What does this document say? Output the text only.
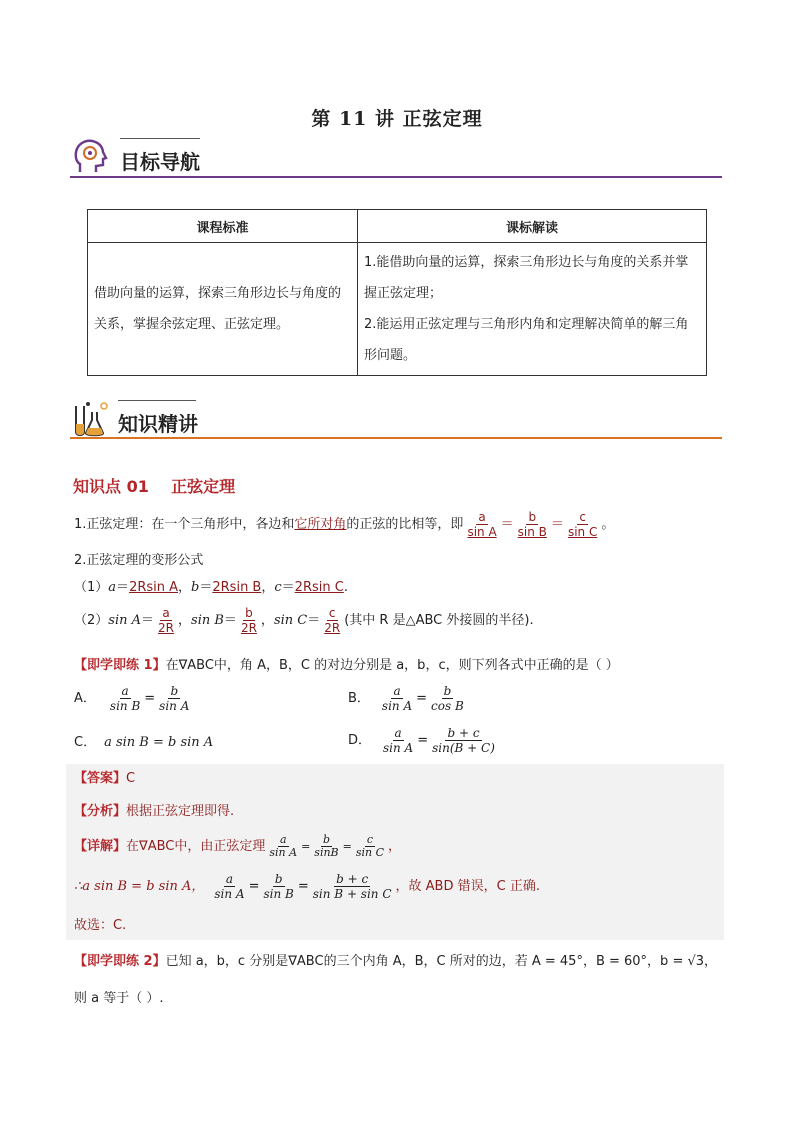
第 11 讲 正弦定理
目标导航
课程标准	课标解读
借助向量的运算，探索三角形边长与角度的关系，掌握余弦定理、正弦定理。	1.能借助向量的运算，探索三角形边长与角度的关系并掌握正弦定理；
2.能运用正弦定理与三角形内角和定理解决简单的解三角形问题。
知识精讲
知识点 01    正弦定理
1.正弦定理：在一个三角形中，各边和 它所对角 的正弦的比相等，即 $\frac{a}{\text{sin A}} = \frac{b}{\text{sin B}} = \frac{c}{\text{sin C}}$ 。
2.正弦定理的变形公式
（1）a＝2Rsin A，b＝2Rsin B，c＝2Rsin C.
（2） $\sin A = \frac{a}{2R}$ ， $\sin B = \frac{b}{2R}$ ， $\sin C = \frac{c}{2R}$ (其中 R 是△ABC 外接圆的半径).
【即学即练 1】在∇ABC中，角 A，B，C 的对边分别是 a，b，c，则下列各式中正确的是（ ）
A． $\frac{a}{\text{sin B}} = \frac{b}{\text{sin A}}$	B． $\frac{a}{\text{sin A}} = \frac{b}{\text{cos B}}$
C． a sin B = b sin A	D． $\frac{a}{\text{sin A}} = \frac{b + c}{\sin(B + C)}$
【答案】C
【分析】根据正弦定理即得.
【详解】 在∇ABC中，由正弦定理 $\frac{a}{\text{sin A}} = \frac{b}{\sin B} = \frac{c}{\text{sin C}}$ ，
∴a sin B = b sin A， $\frac{a}{\text{sin A}} = \frac{b}{\text{sin B}} = \frac{b + c}{\text{sin B + sin C}}$ ，故 ABD 错误，C 正确.
故选：C.
【即学即练 2】已知 a，b，c 分别是∇ABC的三个内角 A，B，C 所对的边，若 A = 45°，B = 60°，b = √3，
则 a 等于（ ）.
